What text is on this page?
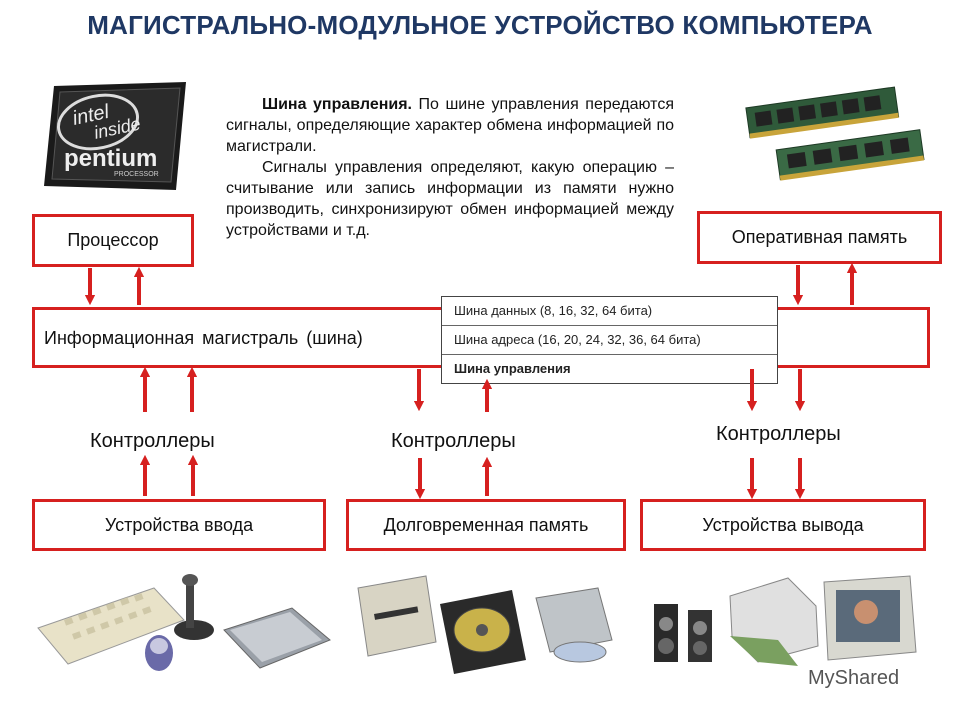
МАГИСТРАЛЬНО-МОДУЛЬНОЕ УСТРОЙСТВО КОМПЬЮТЕРА
intel
inside
pentium
PROCESSOR

Шина управления. По шине управления передаются сигналы, определяющие характер обмена информацией по магистрали.

Сигналы управления определяют, какую операцию – считывание или запись информации из памяти нужно производить, синхронизируют обмен информацией между устройствами и т.д.

Процессор	Оперативная память
Информационная магистраль (шина)
Шина данных (8, 16, 32, 64 бита)
Шина адреса (16, 20, 24, 32, 36, 64 бита)
Шина управления
Контроллеры	Контроллеры	Контроллеры
Устройства ввода	Долговременная память	Устройства вывода
MyShared
